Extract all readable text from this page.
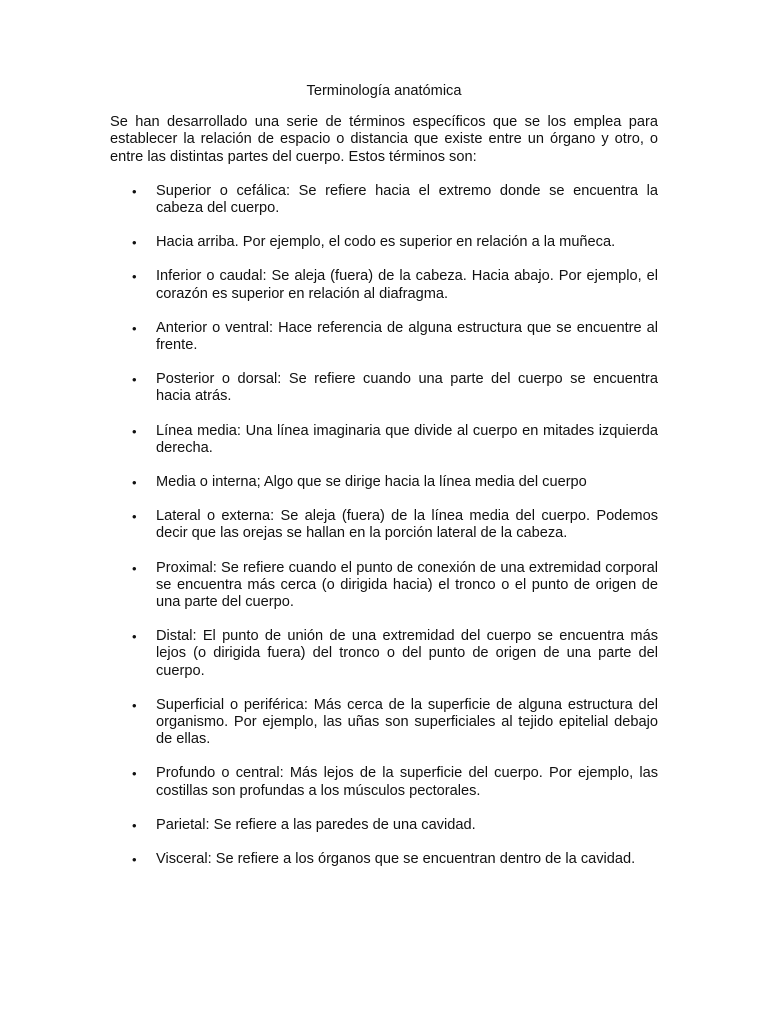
Terminología anatómica

Se han desarrollado una serie de términos específicos que se los emplea para establecer la relación de espacio o distancia que existe entre un órgano y otro, o entre las distintas partes del cuerpo. Estos términos son:

• Superior o cefálica: Se refiere hacia el extremo donde se encuentra la cabeza del cuerpo.
• Hacia arriba. Por ejemplo, el codo es superior en relación a la muñeca.
• Inferior o caudal: Se aleja (fuera) de la cabeza. Hacia abajo. Por ejemplo, el corazón es superior en relación al diafragma.
• Anterior o ventral: Hace referencia de alguna estructura que se encuentre al frente.
• Posterior o dorsal: Se refiere cuando una parte del cuerpo se encuentra hacia atrás.
• Línea media: Una línea imaginaria que divide al cuerpo en mitades izquierda derecha.
• Media o interna; Algo que se dirige hacia la línea media del cuerpo
• Lateral o externa: Se aleja (fuera) de la línea media del cuerpo. Podemos decir que las orejas se hallan en la porción lateral de la cabeza.
• Proximal: Se refiere cuando el punto de conexión de una extremidad corporal se encuentra más cerca (o dirigida hacia) el tronco o el punto de origen de una parte del cuerpo.
• Distal: El punto de unión de una extremidad del cuerpo se encuentra más lejos (o dirigida fuera) del tronco o del punto de origen de una parte del cuerpo.
• Superficial o periférica: Más cerca de la superficie de alguna estructura del organismo. Por ejemplo, las uñas son superficiales al tejido epitelial debajo de ellas.
• Profundo o central: Más lejos de la superficie del cuerpo. Por ejemplo, las costillas son profundas a los músculos pectorales.
• Parietal: Se refiere a las paredes de una cavidad.
• Visceral: Se refiere a los órganos que se encuentran dentro de la cavidad.
